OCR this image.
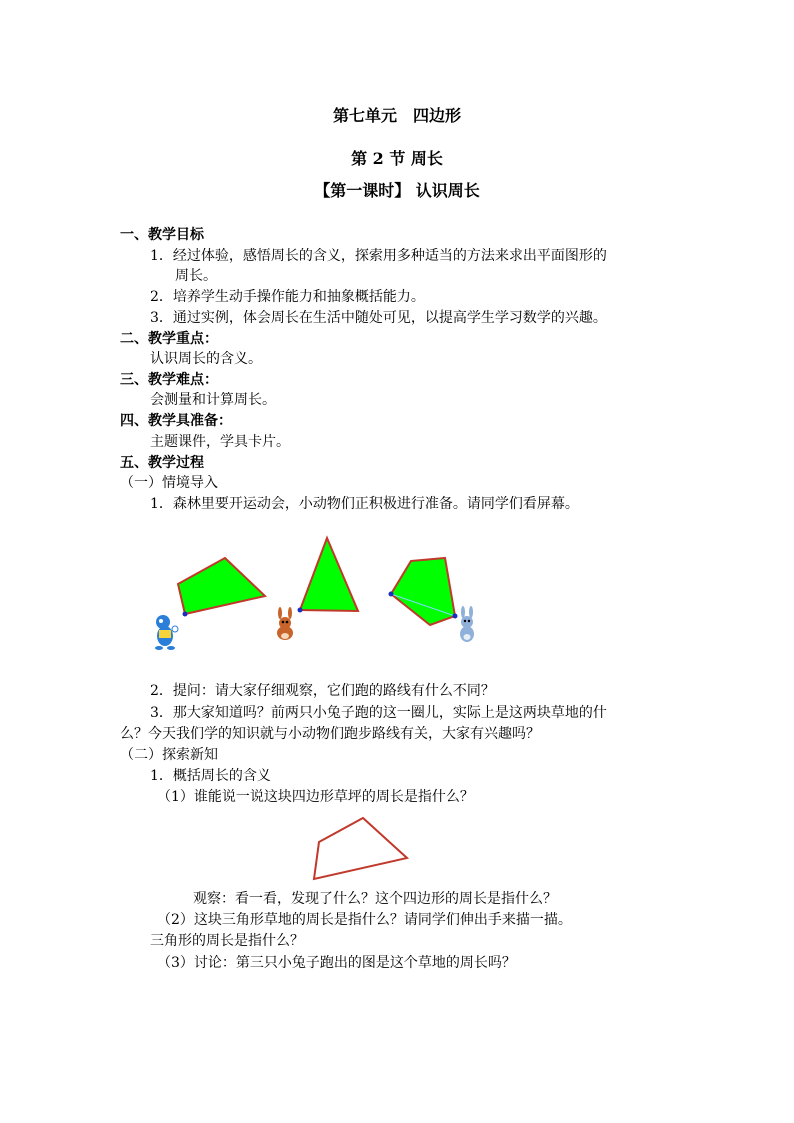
第七单元　四边形
第 2 节 周长
【第一课时】 认识周长
一、教学目标
1．经过体验，感悟周长的含义，探索用多种适当的方法来求出平面图形的
周长。
2．培养学生动手操作能力和抽象概括能力。
3．通过实例，体会周长在生活中随处可见，以提高学生学习数学的兴趣。
二、教学重点：
认识周长的含义。
三、教学难点：
会测量和计算周长。
四、教学具准备：
主题课件，学具卡片。
五、教学过程
（一）情境导入
1．森林里要开运动会，小动物们正积极进行准备。请同学们看屏幕。
2．提问：请大家仔细观察，它们跑的路线有什么不同？
3．那大家知道吗？前两只小兔子跑的这一圈儿，实际上是这两块草地的什
么？今天我们学的知识就与小动物们跑步路线有关，大家有兴趣吗？
（二）探索新知
1．概括周长的含义
（1）谁能说一说这块四边形草坪的周长是指什么？
观察：看一看，发现了什么？这个四边形的周长是指什么？
（2）这块三角形草地的周长是指什么？请同学们伸出手来描一描。
三角形的周长是指什么？
（3）讨论：第三只小兔子跑出的图是这个草地的周长吗？
